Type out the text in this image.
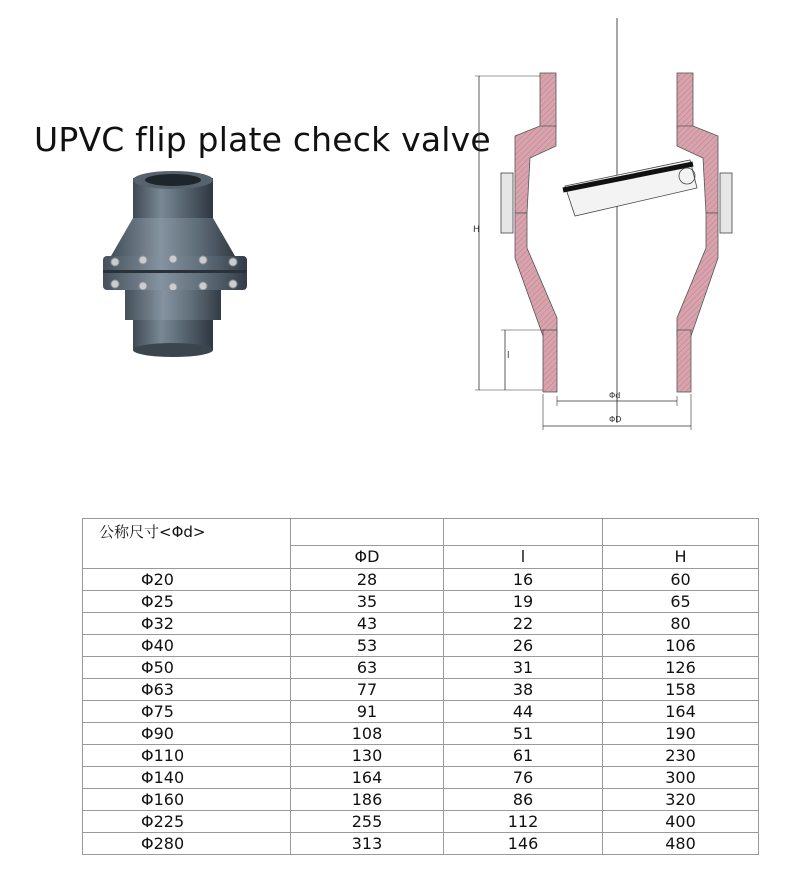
UPVC flip plate check valve
H
l
Φd
ΦD
公称尺寸<Φd>			
	ΦD	l	H
Φ20	28	16	60
Φ25	35	19	65
Φ32	43	22	80
Φ40	53	26	106
Φ50	63	31	126
Φ63	77	38	158
Φ75	91	44	164
Φ90	108	51	190
Φ110	130	61	230
Φ140	164	76	300
Φ160	186	86	320
Φ225	255	112	400
Φ280	313	146	480
